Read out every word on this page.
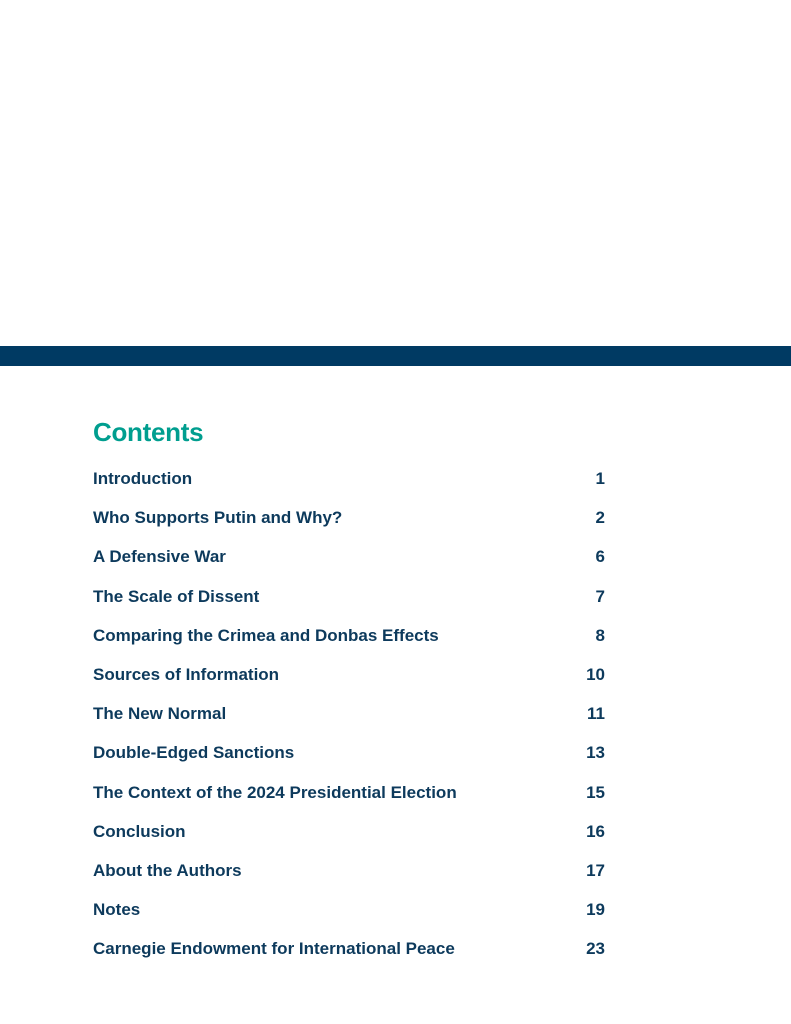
Contents
Introduction	1
Who Supports Putin and Why?	2
A Defensive War	6
The Scale of Dissent	7
Comparing the Crimea and Donbas Effects	8
Sources of Information	10
The New Normal	11
Double-Edged Sanctions	13
The Context of the 2024 Presidential Election	15
Conclusion	16
About the Authors	17
Notes	19
Carnegie Endowment for International Peace	23
